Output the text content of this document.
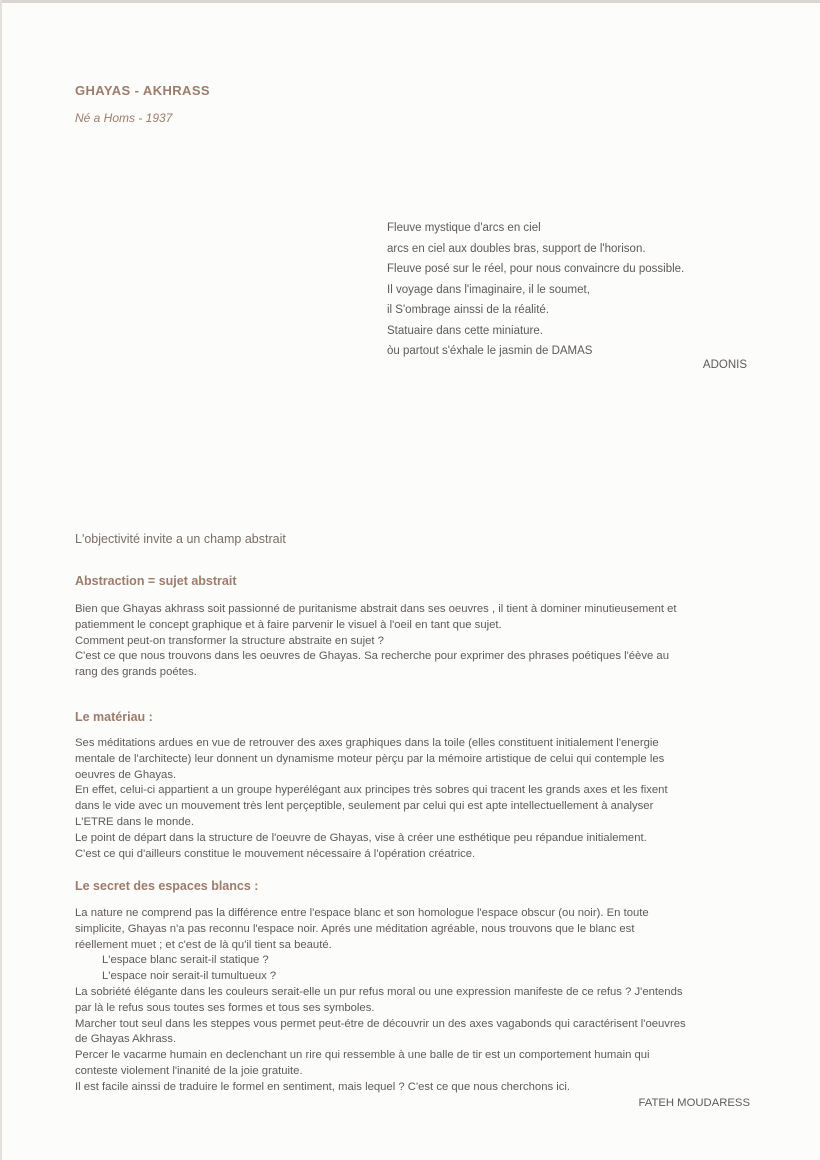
GHAYAS - AKHRASS
Né a Homs - 1937
Fleuve mystique d'arcs en ciel
arcs en ciel aux doubles bras, support de l'horison.
Fleuve posé sur le réel, pour nous convaincre du possible.
Il voyage dans l'imaginaire, il le soumet,
il S'ombrage ainssi de la réalité.
Statuaire dans cette miniature.
òu partout s'éxhale le jasmin de DAMAS
ADONIS
L'objectivité invite a un champ abstrait
Abstraction = sujet abstrait
Bien que Ghayas akhrass soit passionné de puritanisme abstrait dans ses oeuvres , il tient à dominer minutieusement et
patiemment le concept graphique et à faire parvenir le visuel à l'oeil en tant que sujet.
Comment peut-on transformer la structure abstraite en sujet ?
C'est ce que nous trouvons dans les oeuvres de Ghayas. Sa recherche pour exprimer des phrases poétiques l'éève au
rang des grands poétes.
Le matériau :
Ses méditations ardues en vue de retrouver des axes graphiques dans la toile (elles constituent initialement l'energie
mentale de l'architecte) leur donnent un dynamisme moteur pèrçu par la mémoire artistique de celui qui contemple les
oeuvres de Ghayas.
En effet, celui-ci appartient a un groupe hyperélégant aux principes très sobres qui tracent les grands axes et les fixent
dans le vide avec un mouvement très lent perçeptible, seulement par celui qui est apte intellectuellement à analyser
L'ETRE dans le monde.
Le point de départ dans la structure de l'oeuvre de Ghayas, vise à créer une esthétique peu répandue initialement.
C'est ce qui d'ailleurs constitue le mouvement nécessaire á l'opération créatrice.
Le secret des espaces blancs :
La nature ne comprend pas la différence entre l'espace blanc et son homologue l'espace obscur (ou noir). En toute
simplicite, Ghayas n'a pas reconnu l'espace noir. Aprés une méditation agréable, nous trouvons que le blanc est
réellement muet ; et c'est de là qu'il tient sa beauté.
L'espace blanc serait-il statique ?
L'espace noir serait-il tumultueux ?
La sobriété élégante dans les couleurs serait-elle un pur refus moral ou une expression manifeste de ce refus ? J'entends
par là le refus sous toutes ses formes et tous ses symboles.
Marcher tout seul dans les steppes vous permet peut-étre de découvrir un des axes vagabonds qui caractérisent l'oeuvres
de Ghayas Akhrass.
Percer le vacarme humain en declenchant un rire qui ressemble à une balle de tir est un comportement humain qui
conteste violement l'inanité de la joie gratuite.
Il est facile ainssi de traduire le formel en sentiment, mais lequel ? C'est ce que nous cherchons ici.
FATEH MOUDARESS
